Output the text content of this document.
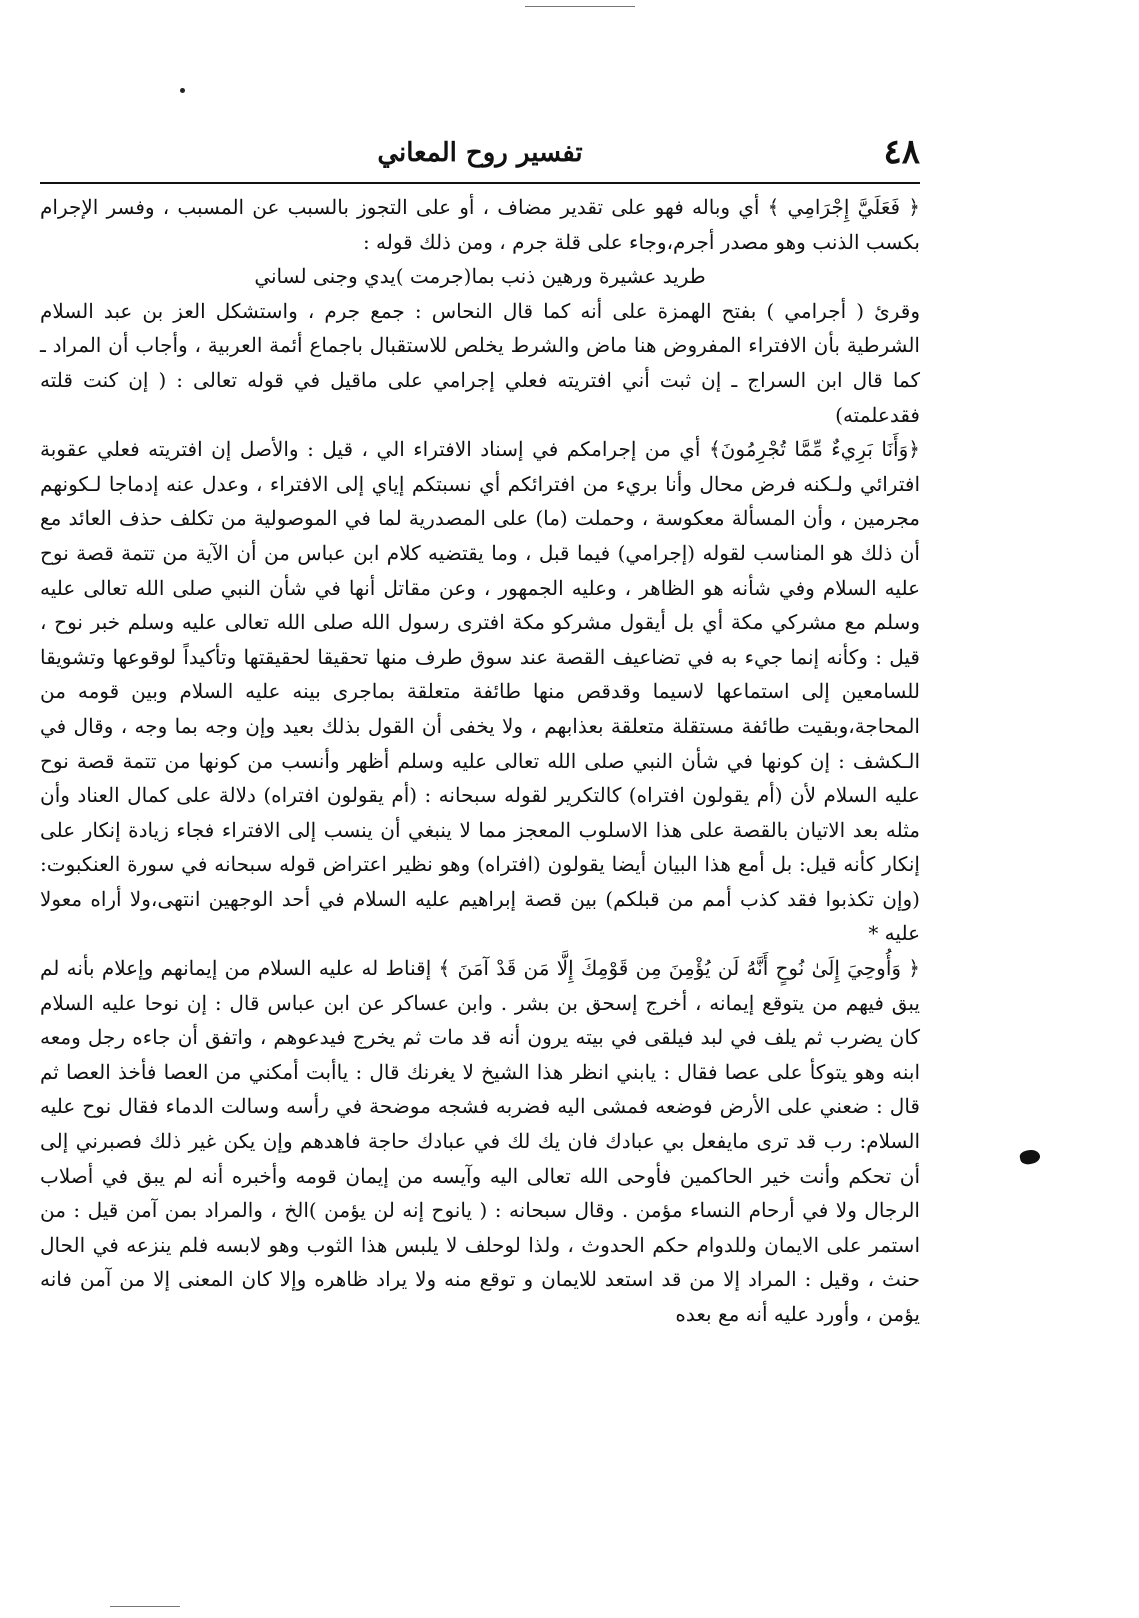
٤٨
تفسير روح المعاني

﴿ فَعَلَيَّ إِجْرَامِي ﴾ أي وباله فهو على تقدير مضاف ، أو على التجوز بالسبب عن المسبب ، وفسر الإجرام بكسب الذنب وهو مصدر أجرم،وجاء على قلة جرم ، ومن ذلك قوله :

طريد عشيرة ورهين ذنب بما(جرمت )يدي وجنى لساني

وقرئ ( أجرامي ) بفتح الهمزة على أنه كما قال النحاس : جمع جرم ، واستشكل العز بن عبد السلام الشرطية بأن الافتراء المفروض هنا ماض والشرط يخلص للاستقبال باجماع أئمة العربية ، وأجاب أن المراد ـ كما قال ابن السراج ـ إن ثبت أني افتريته فعلي إجرامي على ماقيل في قوله تعالى : ( إن كنت قلته فقدعلمته)

﴿وَأَنَا بَرِيءٌ مِّمَّا تُجْرِمُونَ﴾ أي من إجرامكم في إسناد الافتراء الي ، قيل : والأصل إن افتريته فعلي عقوبة افترائي ولـكنه فرض محال وأنا بريء من افترائكم أي نسبتكم إياي إلى الافتراء ، وعدل عنه إدماجا لـكونهم مجرمين ، وأن المسألة معكوسة ، وحملت (ما) على المصدرية لما في الموصولية من تكلف حذف العائد مع أن ذلك هو المناسب لقوله (إجرامي) فيما قبل ، وما يقتضيه كلام ابن عباس من أن الآية من تتمة قصة نوح عليه السلام وفي شأنه هو الظاهر ، وعليه الجمهور ، وعن مقاتل أنها في شأن النبي صلى الله تعالى عليه وسلم مع مشركي مكة أي بل أيقول مشركو مكة افترى رسول الله صلى الله تعالى عليه وسلم خبر نوح ، قيل : وكأنه إنما جيء به في تضاعيف القصة عند سوق طرف منها تحقيقا لحقيقتها وتأكيداً لوقوعها وتشويقا للسامعين إلى استماعها لاسيما وقدقص منها طائفة متعلقة بماجرى بينه عليه السلام وبين قومه من المحاجة،وبقيت طائفة مستقلة متعلقة بعذابهم ، ولا يخفى أن القول بذلك بعيد وإن وجه بما وجه ، وقال في الـكشف : إن كونها في شأن النبي صلى الله تعالى عليه وسلم أظهر وأنسب من كونها من تتمة قصة نوح عليه السلام لأن (أم يقولون افتراه) كالتكرير لقوله سبحانه : (أم يقولون افتراه) دلالة على كمال العناد وأن مثله بعد الاتيان بالقصة على هذا الاسلوب المعجز مما لا ينبغي أن ينسب إلى الافتراء فجاء زيادة إنكار على إنكار كأنه قيل: بل أمع هذا البيان أيضا يقولون (افتراه) وهو نظير اعتراض قوله سبحانه في سورة العنكبوت:(وإن تكذبوا فقد كذب أمم من قبلكم) بين قصة إبراهيم عليه السلام في أحد الوجهين انتهى،ولا أراه معولا عليه *

﴿ وَأُوحِيَ إِلَىٰ نُوحٍ أَنَّهُ لَن يُؤْمِنَ مِن قَوْمِكَ إِلَّا مَن قَدْ آمَنَ ﴾ إقناط له عليه السلام من إيمانهم وإعلام بأنه لم يبق فيهم من يتوقع إيمانه ، أخرج إسحق بن بشر . وابن عساكر عن ابن عباس قال : إن نوحا عليه السلام كان يضرب ثم يلف في لبد فيلقى في بيته يرون أنه قد مات ثم يخرج فيدعوهم ، واتفق أن جاءه رجل ومعه ابنه وهو يتوكأ على عصا فقال : يابني انظر هذا الشيخ لا يغرنك قال : ياأبت أمكني من العصا فأخذ العصا ثم قال : ضعني على الأرض فوضعه فمشى اليه فضربه فشجه موضحة في رأسه وسالت الدماء فقال نوح عليه السلام: رب قد ترى مايفعل بي عبادك فان يك لك في عبادك حاجة فاهدهم وإن يكن غير ذلك فصبرني إلى أن تحكم وأنت خير الحاكمين فأوحى الله تعالى اليه وآيسه من إيمان قومه وأخبره أنه لم يبق في أصلاب الرجال ولا في أرحام النساء مؤمن . وقال سبحانه : ( يانوح إنه لن يؤمن )الخ ، والمراد بمن آمن قيل : من استمر على الايمان وللدوام حكم الحدوث ، ولذا لوحلف لا يلبس هذا الثوب وهو لابسه فلم ينزعه في الحال حنث ، وقيل : المراد إلا من قد استعد للايمان و توقع منه ولا يراد ظاهره وإلا كان المعنى إلا من آمن فانه يؤمن ، وأورد عليه أنه مع بعده
